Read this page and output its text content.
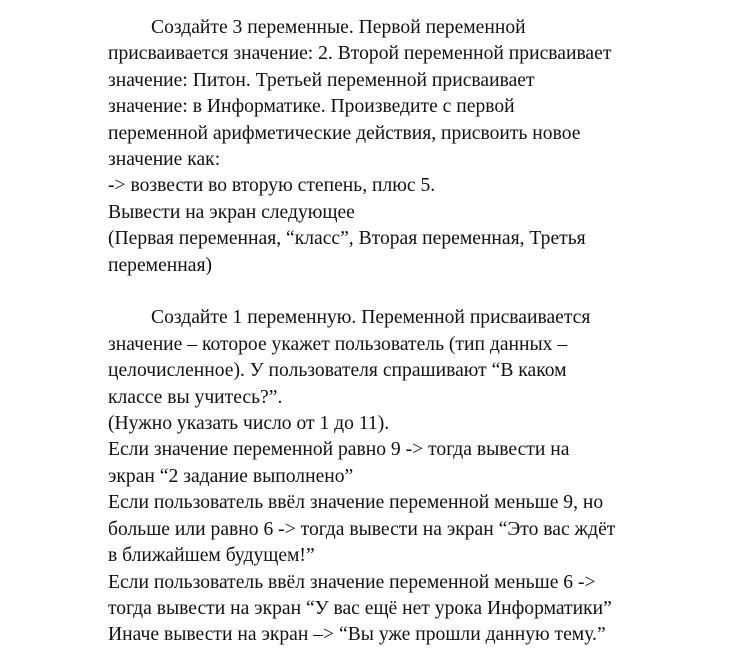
Создайте 3 переменные. Первой переменной
присваивается значение: 2. Второй переменной присваивает
значение: Питон. Третьей переменной присваивает
значение: в Информатике. Произведите с первой
переменной арифметические действия, присвоить новое
значение как:
-> возвести во вторую степень, плюс 5.
Вывести на экран следующее
(Первая переменная, “класс”, Вторая переменная, Третья
переменная)
Создайте 1 переменную. Переменной присваивается
значение – которое укажет пользователь (тип данных –
целочисленное). У пользователя спрашивают “В каком
классе вы учитесь?”.
(Нужно указать число от 1 до 11).
Если значение переменной равно 9 -> тогда вывести на
экран “2 задание выполнено”
Если пользователь ввёл значение переменной меньше 9, но
больше или равно 6 -> тогда вывести на экран “Это вас ждёт
в ближайшем будущем!”
Если пользователь ввёл значение переменной меньше 6 ->
тогда вывести на экран “У вас ещё нет урока Информатики”
Иначе вывести на экран –> “Вы уже прошли данную тему.”
